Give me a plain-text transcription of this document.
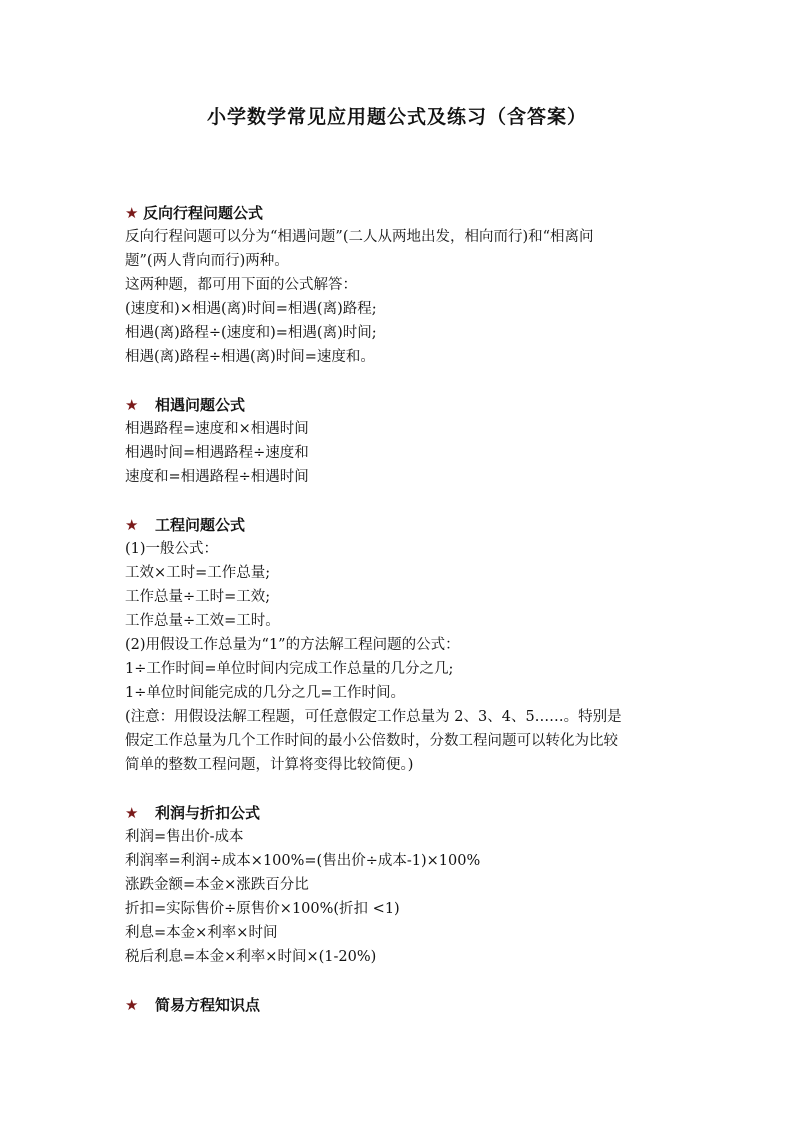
小学数学常见应用题公式及练习（含答案）
★ 反向行程问题公式
反向行程问题可以分为“相遇问题”(二人从两地出发，相向而行)和“相离问
题”(两人背向而行)两种。
这两种题，都可用下面的公式解答：
(速度和)×相遇(离)时间=相遇(离)路程;
相遇(离)路程÷(速度和)=相遇(离)时间;
相遇(离)路程÷相遇(离)时间=速度和。
★ 相遇问题公式
相遇路程=速度和×相遇时间
相遇时间=相遇路程÷速度和
速度和=相遇路程÷相遇时间
★ 工程问题公式
(1)一般公式：
工效×工时=工作总量;
工作总量÷工时=工效;
工作总量÷工效=工时。
(2)用假设工作总量为“1”的方法解工程问题的公式：
1÷工作时间=单位时间内完成工作总量的几分之几;
1÷单位时间能完成的几分之几=工作时间。
(注意：用假设法解工程题，可任意假定工作总量为 2、3、4、5……。特别是
假定工作总量为几个工作时间的最小公倍数时，分数工程问题可以转化为比较
简单的整数工程问题，计算将变得比较简便。)
★ 利润与折扣公式
利润=售出价-成本
利润率=利润÷成本×100%=(售出价÷成本-1)×100%
涨跌金额=本金×涨跌百分比
折扣=实际售价÷原售价×100%(折扣 <1)
利息=本金×利率×时间
税后利息=本金×利率×时间×(1-20%)
★ 简易方程知识点
